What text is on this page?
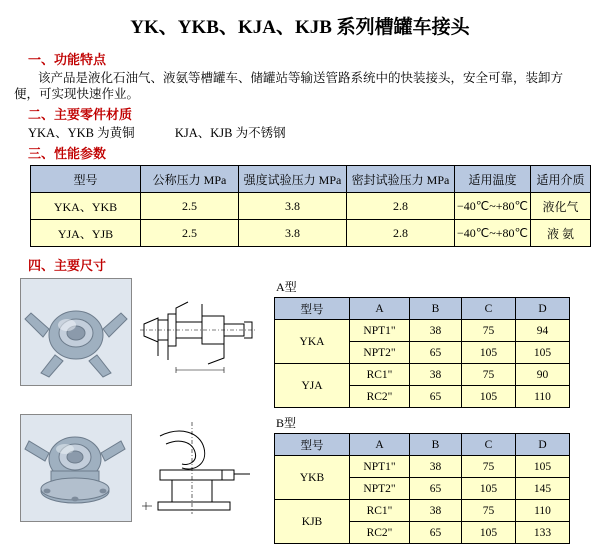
YK、YKB、KJA、KJB 系列槽罐车接头
一、功能特点
该产品是液化石油气、液氨等槽罐车、储罐站等输送管路系统中的快装接头，安全可靠，装卸方便，可实现快速作业。
二、主要零件材质
YKA、YKB 为黄铜	KJA、KJB 为不锈钢
三、性能参数
型号	公称压力 MPa	强度试验压力 MPa	密封试验压力 MPa	适用温度	适用介质
YKA、YKB	2.5	3.8	2.8	−40℃~+80℃	液化气
YJA、YJB	2.5	3.8	2.8	−40℃~+80℃	液 氨
四、主要尺寸
A型
型号	A	B	C	D
YKA	NPT1"	38	75	94
	NPT2"	65	105	105
YJA	RC1"	38	75	90
	RC2"	65	105	110
B型
型号	A	B	C	D
YKB	NPT1"	38	75	105
	NPT2"	65	105	145
KJB	RC1"	38	75	110
	RC2"	65	105	133
